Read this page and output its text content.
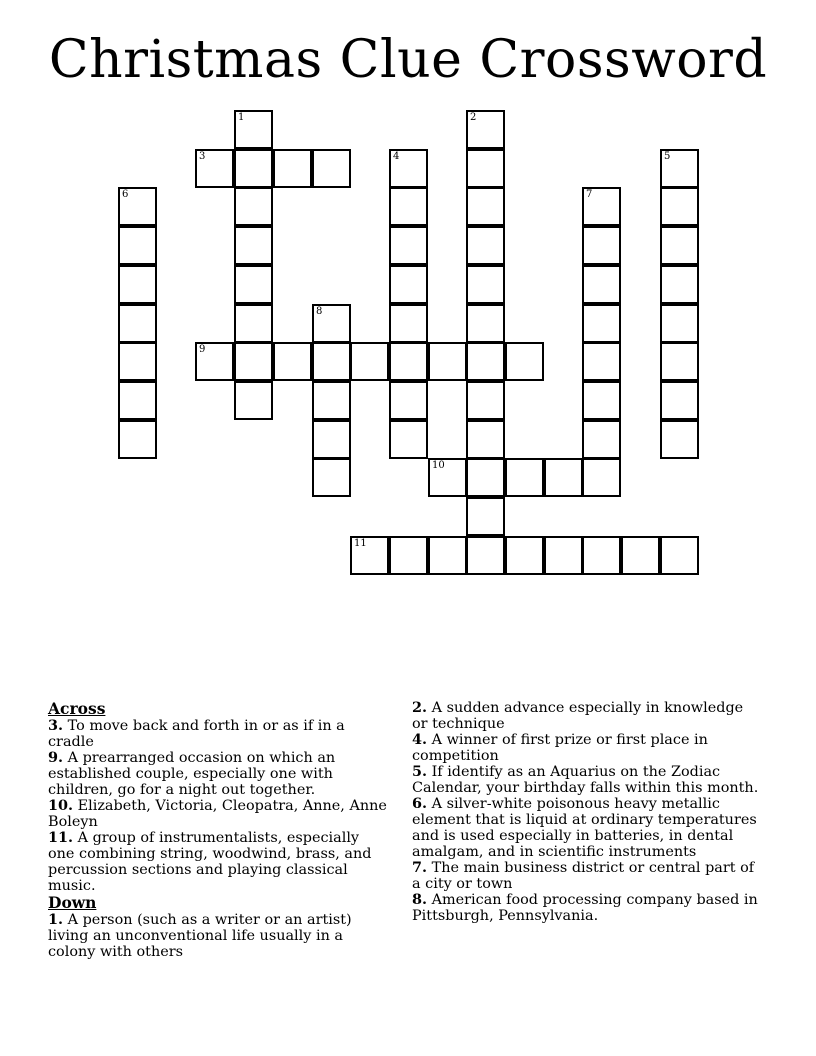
Christmas Clue Crossword
1	2
3	4	5
6	7
8
9
10
11
Across
3. To move back and forth in or as if in a cradle
9. A prearranged occasion on which an established couple, especially one with children, go for a night out together.
10. Elizabeth, Victoria, Cleopatra, Anne, Anne Boleyn
11. A group of instrumentalists, especially one combining string, woodwind, brass, and percussion sections and playing classical music.
Down
1. A person (such as a writer or an artist) living an unconventional life usually in a colony with others
2. A sudden advance especially in knowledge or technique
4. A winner of first prize or first place in competition
5. If identify as an Aquarius on the Zodiac Calendar, your birthday falls within this month.
6. A silver-white poisonous heavy metallic element that is liquid at ordinary temperatures and is used especially in batteries, in dental amalgam, and in scientific instruments
7. The main business district or central part of a city or town
8. American food processing company based in Pittsburgh, Pennsylvania.
